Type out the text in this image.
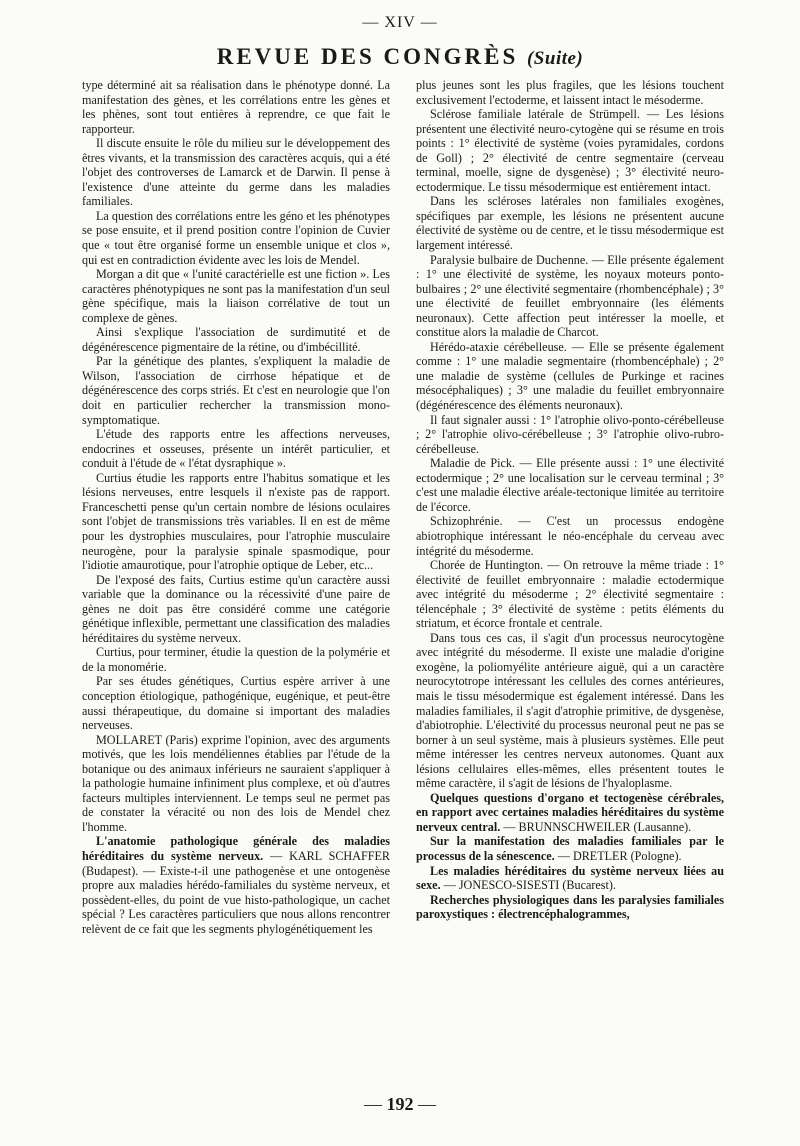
— XIV —
REVUE DES CONGRÈS (Suite)

type déterminé ait sa réalisation dans le phénotype donné. La manifestation des gènes, et les corrélations entre les gènes et les phènes, sont tout entières à reprendre, ce que fait le rapporteur.

Il discute ensuite le rôle du milieu sur le développement des êtres vivants, et la transmission des caractères acquis, qui a été l'objet des controverses de Lamarck et de Darwin. Il pense à l'existence d'une atteinte du germe dans les maladies familiales.

La question des corrélations entre les géno et les phénotypes se pose ensuite, et il prend position contre l'opinion de Cuvier que « tout être organisé forme un ensemble unique et clos », qui est en contradiction évidente avec les lois de Mendel.

Morgan a dit que « l'unité caractérielle est une fiction ». Les caractères phénotypiques ne sont pas la manifestation d'un seul gène spécifique, mais la liaison corrélative de tout un complexe de gènes.

Ainsi s'explique l'association de surdimutité et de dégénérescence pigmentaire de la rétine, ou d'imbécillité.

Par la génétique des plantes, s'expliquent la maladie de Wilson, l'association de cirrhose hépatique et de dégénérescence des corps striés. Et c'est en neurologie que l'on doit en particulier rechercher la transmission mono-symptomatique.

L'étude des rapports entre les affections nerveuses, endocrines et osseuses, présente un intérêt particulier, et conduit à l'étude de « l'état dysraphique ».

Curtius étudie les rapports entre l'habitus somatique et les lésions nerveuses, entre lesquels il n'existe pas de rapport. Franceschetti pense qu'un certain nombre de lésions oculaires sont l'objet de transmissions très variables. Il en est de même pour les dystrophies musculaires, pour l'atrophie musculaire neurogène, pour la paralysie spinale spasmodique, pour l'idiotie amaurotique, pour l'atrophie optique de Leber, etc...

De l'exposé des faits, Curtius estime qu'un caractère aussi variable que la dominance ou la récessivité d'une paire de gènes ne doit pas être considéré comme une catégorie génétique inflexible, permettant une classification des maladies héréditaires du système nerveux.

Curtius, pour terminer, étudie la question de la polymérie et de la monomérie.

Par ses études génétiques, Curtius espère arriver à une conception étiologique, pathogénique, eugénique, et peut-être aussi thérapeutique, du domaine si important des maladies nerveuses.

MOLLARET (Paris) exprime l'opinion, avec des arguments motivés, que les lois mendéliennes établies par l'étude de la botanique ou des animaux inférieurs ne sauraient s'appliquer à la pathologie humaine infiniment plus complexe, et où d'autres facteurs multiples interviennent. Le temps seul ne permet pas de constater la véracité ou non des lois de Mendel chez l'homme.

L'anatomie pathologique générale des maladies héréditaires du système nerveux. — KARL SCHAFFER (Budapest). — Existe-t-il une pathogenèse et une ontogenèse propre aux maladies hérédo-familiales du système nerveux, et possèdent-elles, du point de vue histo-pathologique, un cachet spécial ? Les caractères particuliers que nous allons rencontrer relèvent de ce fait que les segments phylogénétiquement les

plus jeunes sont les plus fragiles, que les lésions touchent exclusivement l'ectoderme, et laissent intact le mésoderme.

Sclérose familiale latérale de Strümpell. — Les lésions présentent une électivité neuro-cytogène qui se résume en trois points : 1° électivité de système (voies pyramidales, cordons de Goll) ; 2° électivité de centre segmentaire (cerveau terminal, moelle, signe de dysgenèse) ; 3° électivité neuro-ectodermique. Le tissu mésodermique est entièrement intact.

Dans les scléroses latérales non familiales exogènes, spécifiques par exemple, les lésions ne présentent aucune électivité de système ou de centre, et le tissu mésodermique est largement intéressé.

Paralysie bulbaire de Duchenne. — Elle présente également : 1° une électivité de système, les noyaux moteurs ponto-bulbaires ; 2° une électivité segmentaire (rhombencéphale) ; 3° une électivité de feuillet embryonnaire (les éléments neuronaux). Cette affection peut intéresser la moelle, et constitue alors la maladie de Charcot.

Hérédo-ataxie cérébelleuse. — Elle se présente également comme : 1° une maladie segmentaire (rhombencéphale) ; 2° une maladie de système (cellules de Purkinge et racines mésocéphaliques) ; 3° une maladie du feuillet embryonnaire (dégénérescence des éléments neuronaux).

Il faut signaler aussi : 1° l'atrophie olivo-ponto-cérébelleuse ; 2° l'atrophie olivo-cérébelleuse ; 3° l'atrophie olivo-rubro-cérébelleuse.

Maladie de Pick. — Elle présente aussi : 1° une électivité ectodermique ; 2° une localisation sur le cerveau terminal ; 3° c'est une maladie élective aréale-tectonique limitée au territoire de l'écorce.

Schizophrénie. — C'est un processus endogène abiotrophique intéressant le néo-encéphale du cerveau avec intégrité du mésoderme.

Chorée de Huntington. — On retrouve la même triade : 1° électivité de feuillet embryonnaire : maladie ectodermique avec intégrité du mésoderme ; 2° électivité segmentaire : télencéphale ; 3° électivité de système : petits éléments du striatum, et écorce frontale et centrale.

Dans tous ces cas, il s'agit d'un processus neurocytogène avec intégrité du mésoderme. Il existe une maladie d'origine exogène, la poliomyélite antérieure aiguë, qui a un caractère neurocytotrope intéressant les cellules des cornes antérieures, mais le tissu mésodermique est également intéressé. Dans les maladies familiales, il s'agit d'atrophie primitive, de dysgenèse, d'abiotrophie. L'électivité du processus neuronal peut ne pas se borner à un seul système, mais à plusieurs systèmes. Elle peut même intéresser les centres nerveux autonomes. Quant aux lésions cellulaires elles-mêmes, elles présentent toutes le même caractère, il s'agit de lésions de l'hyaloplasme.

Quelques questions d'organo et tectogenèse cérébrales, en rapport avec certaines maladies héréditaires du système nerveux central. — BRUNNSCHWEILER (Lausanne).

Sur la manifestation des maladies familiales par le processus de la sénescence. — DRETLER (Pologne).

Les maladies héréditaires du système nerveux liées au sexe. — JONESCO-SISESTI (Bucarest).

Recherches physiologiques dans les paralysies familiales paroxystiques : électrencéphalogrammes,

— 192 —
